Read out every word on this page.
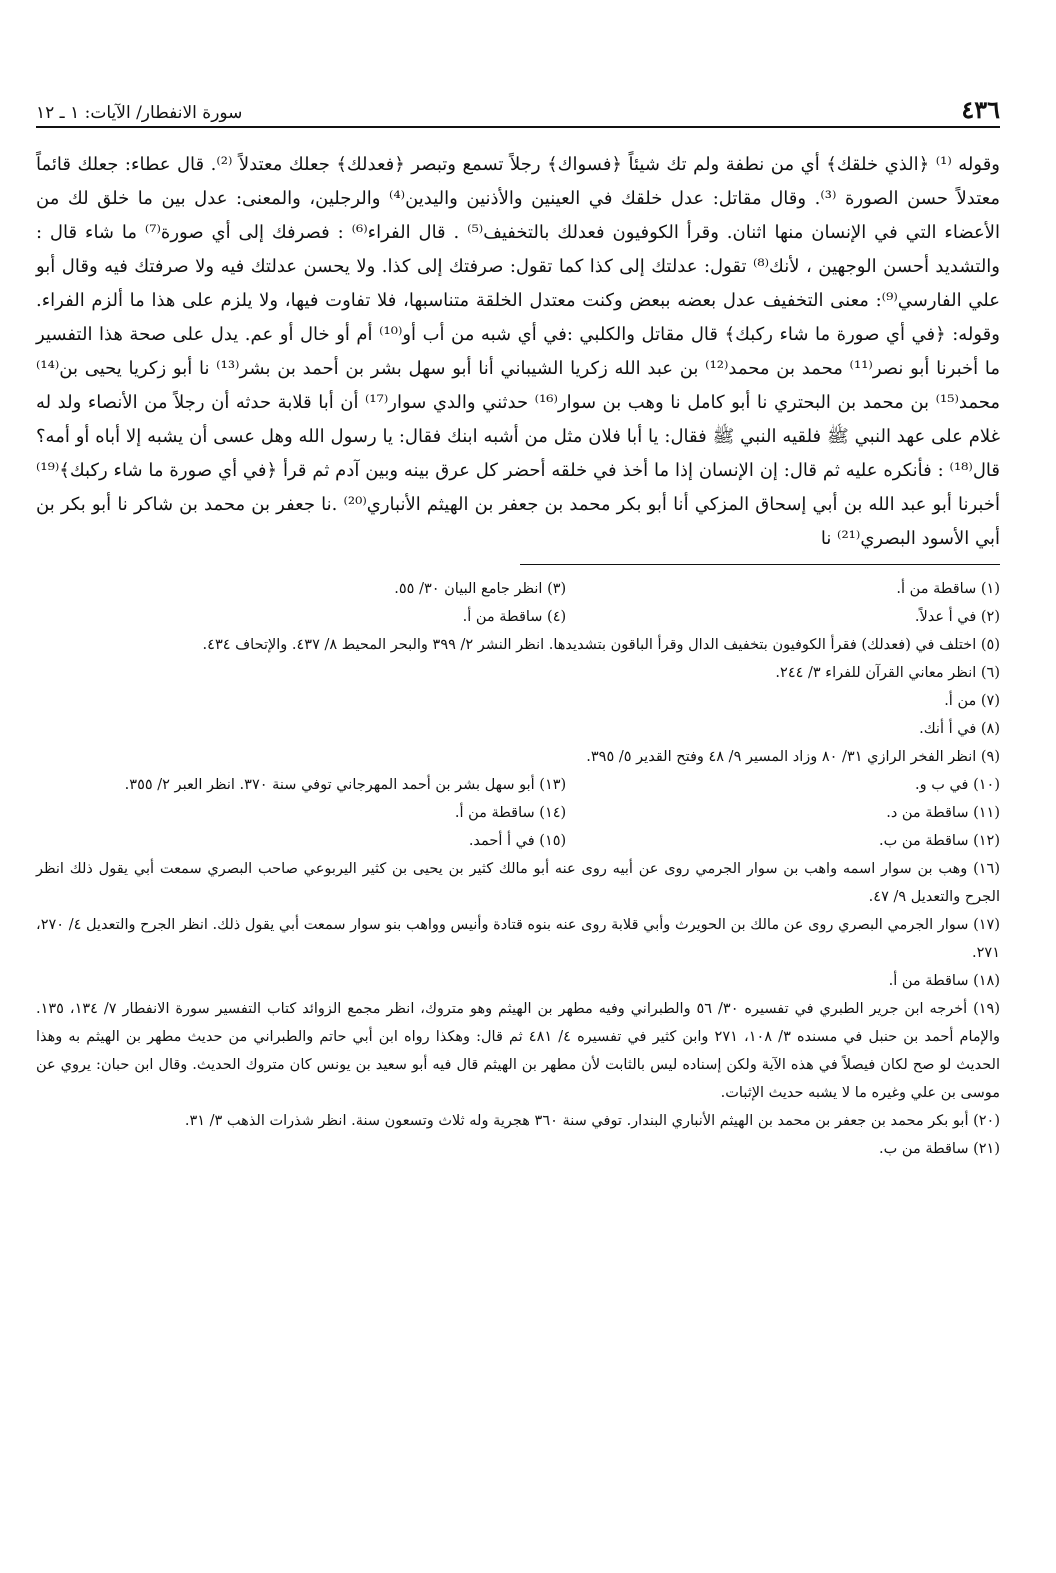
٤٣٦
سورة الانفطار/ الآيات: ١ ـ ١٢

وقوله ⁽¹⁾ ﴿الذي خلقك﴾ أي من نطفة ولم تك شيئاً ﴿فسواك﴾ رجلاً تسمع وتبصر ﴿فعدلك﴾ جعلك معتدلاً ⁽²⁾. قال عطاء: جعلك قائماً معتدلاً حسن الصورة ⁽³⁾. وقال مقاتل: عدل خلقك في العينين والأذنين واليدين⁽⁴⁾ والرجلين، والمعنى: عدل بين ما خلق لك من الأعضاء التي في الإنسان منها اثنان. وقرأ الكوفيون فعدلك بالتخفيف⁽⁵⁾ . قال الفراء⁽⁶⁾ : فصرفك إلى أي صورة⁽⁷⁾ ما شاء قال : والتشديد أحسن الوجهين ، لأنك⁽⁸⁾ تقول: عدلتك إلى كذا كما تقول: صرفتك إلى كذا. ولا يحسن عدلتك فيه ولا صرفتك فيه وقال أبو علي الفارسي⁽⁹⁾: معنى التخفيف عدل بعضه ببعض وكنت معتدل الخلقة متناسبها، فلا تفاوت فيها، ولا يلزم على هذا ما ألزم الفراء. وقوله: ﴿في أي صورة ما شاء ركبك﴾ قال مقاتل والكلبي :في أي شبه من أب أو⁽¹⁰⁾ أم أو خال أو عم. يدل على صحة هذا التفسير ما أخبرنا أبو نصر⁽¹¹⁾ محمد بن محمد⁽¹²⁾ بن عبد الله زكريا الشيباني أنا أبو سهل بشر بن أحمد بن بشر⁽¹³⁾ نا أبو زكريا يحيى بن⁽¹⁴⁾ محمد⁽¹⁵⁾ بن محمد بن البحتري نا أبو كامل نا وهب بن سوار⁽¹⁶⁾ حدثني والدي سوار⁽¹⁷⁾ أن أبا قلابة حدثه أن رجلاً من الأنصاء ولد له غلام على عهد النبي ﷺ فلقيه النبي ﷺ فقال: يا أبا فلان مثل من أشبه ابنك فقال: يا رسول الله وهل عسى أن يشبه إلا أباه أو أمه؟ قال⁽¹⁸⁾ : فأنكره عليه ثم قال: إن الإنسان إذا ما أخذ في خلقه أحضر كل عرق بينه وبين آدم ثم قرأ ﴿في أي صورة ما شاء ركبك﴾⁽¹⁹⁾ أخبرنا أبو عبد الله بن أبي إسحاق المزكي أنا أبو بكر محمد بن جعفر بن الهيثم الأنباري⁽²⁰⁾ .نا جعفر بن محمد بن شاكر نا أبو بكر بن أبي الأسود البصري⁽²¹⁾ نا

(١) ساقطة من أ.
(٣) انظر جامع البيان ٣٠/ ٥٥.
(٢) في أ عدلاً.
(٤) ساقطة من أ.

(٥) اختلف في (فعدلك) فقرأ الكوفيون بتخفيف الدال وقرأ الباقون بتشديدها. انظر النشر ٢/ ٣٩٩ والبحر المحيط ٨/ ٤٣٧. والإتحاف ٤٣٤.

(٦) انظر معاني القرآن للفراء ٣/ ٢٤٤.

(٧) من أ.

(٨) في أ أنك.

(٩) انظر الفخر الرازي ٣١/ ٨٠ وزاد المسير ٩/ ٤٨ وفتح القدير ٥/ ٣٩٥.

(١٠) في ب و.
(١٣) أبو سهل بشر بن أحمد المهرجاني توفي سنة ٣٧٠. انظر العبر ٢/ ٣٥٥.
(١١) ساقطة من د.
(١٤) ساقطة من أ.
(١٢) ساقطة من ب.
(١٥) في أ أحمد.

(١٦) وهب بن سوار اسمه واهب بن سوار الجرمي روى عن أبيه روى عنه أبو مالك كثير بن يحيى بن كثير اليربوعي صاحب البصري سمعت أبي يقول ذلك انظر الجرح والتعديل ٩/ ٤٧.

(١٧) سوار الجرمي البصري روى عن مالك بن الحويرث وأبي قلابة روى عنه بنوه قتادة وأنيس وواهب بنو سوار سمعت أبي يقول ذلك. انظر الجرح والتعديل ٤/ ٢٧٠، ٢٧١.

(١٨) ساقطة من أ.

(١٩) أخرجه ابن جرير الطبري في تفسيره ٣٠/ ٥٦ والطبراني وفيه مطهر بن الهيثم وهو متروك، انظر مجمع الزوائد كتاب التفسير سورة الانفطار ٧/ ١٣٤، ١٣٥. والإمام أحمد بن حنبل في مسنده ٣/ ١٠٨، ٢٧١ وابن كثير في تفسيره ٤/ ٤٨١ ثم قال: وهكذا رواه ابن أبي حاتم والطبراني من حديث مطهر بن الهيثم به وهذا الحديث لو صح لكان فيصلاً في هذه الآية ولكن إسناده ليس بالثابت لأن مطهر بن الهيثم قال فيه أبو سعيد بن يونس كان متروك الحديث. وقال ابن حبان: يروي عن موسى بن علي وغيره ما لا يشبه حديث الإثبات.

(٢٠) أبو بكر محمد بن جعفر بن محمد بن الهيثم الأنباري البندار. توفي سنة ٣٦٠ هجرية وله ثلاث وتسعون سنة. انظر شذرات الذهب ٣/ ٣١.

(٢١) ساقطة من ب.
